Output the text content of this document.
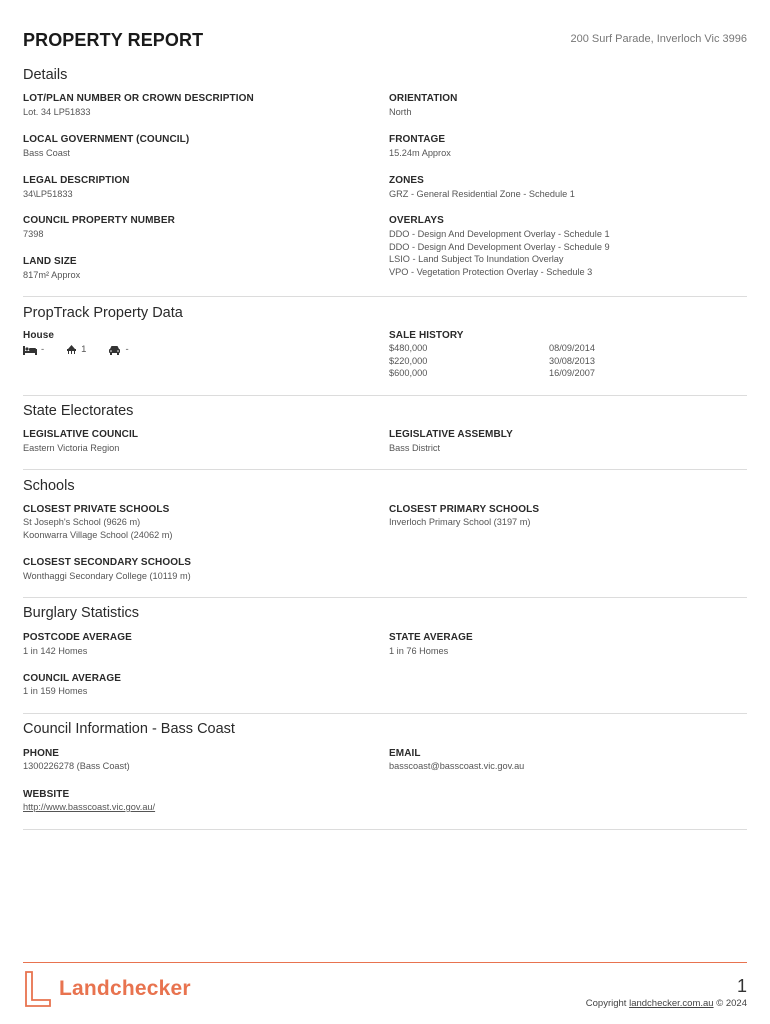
PROPERTY REPORT	200 Surf Parade, Inverloch Vic 3996
Details
LOT/PLAN NUMBER OR CROWN DESCRIPTION
Lot. 34 LP51833
LOCAL GOVERNMENT (COUNCIL)
Bass Coast
LEGAL DESCRIPTION
34\LP51833
COUNCIL PROPERTY NUMBER
7398
LAND SIZE
817m² Approx
ORIENTATION
North
FRONTAGE
15.24m Approx
ZONES
GRZ - General Residential Zone - Schedule 1
OVERLAYS
DDO - Design And Development Overlay - Schedule 1
DDO - Design And Development Overlay - Schedule 9
LSIO - Land Subject To Inundation Overlay
VPO - Vegetation Protection Overlay - Schedule 3
PropTrack Property Data
House
-	1	-
SALE HISTORY
$480,000	08/09/2014
$220,000	30/08/2013
$600,000	16/09/2007
State Electorates
LEGISLATIVE COUNCIL
Eastern Victoria Region
LEGISLATIVE ASSEMBLY
Bass District
Schools
CLOSEST PRIVATE SCHOOLS
St Joseph's School (9626 m)
Koonwarra Village School (24062 m)
CLOSEST PRIMARY SCHOOLS
Inverloch Primary School (3197 m)
CLOSEST SECONDARY SCHOOLS
Wonthaggi Secondary College (10119 m)
Burglary Statistics
POSTCODE AVERAGE
1 in 142 Homes
STATE AVERAGE
1 in 76 Homes
COUNCIL AVERAGE
1 in 159 Homes
Council Information - Bass Coast
PHONE
1300226278 (Bass Coast)
EMAIL
basscoast@basscoast.vic.gov.au
WEBSITE
http://www.basscoast.vic.gov.au/
Landchecker	1
Copyright landchecker.com.au © 2024
